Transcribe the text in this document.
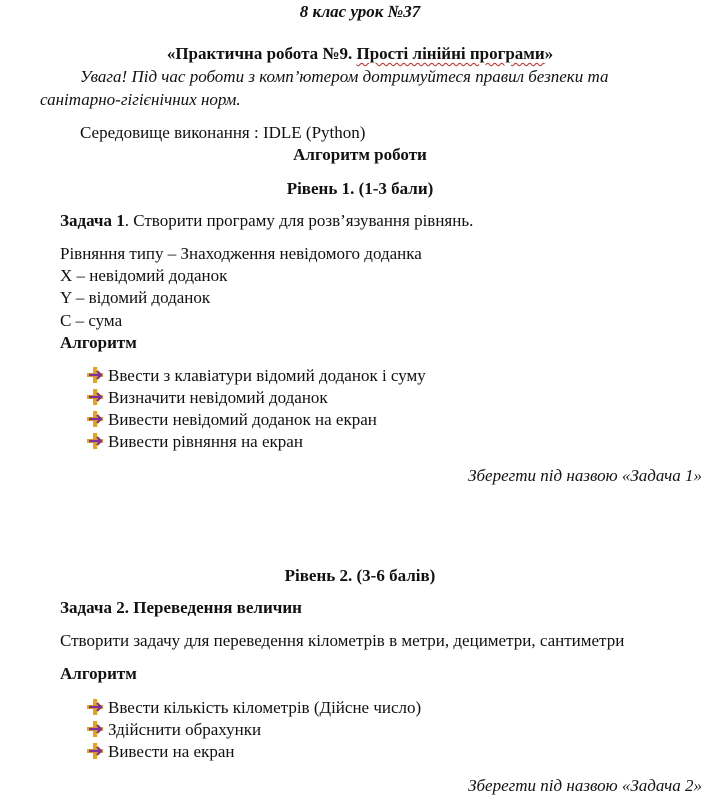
8 клас урок №37
«Практична робота №9. Прості лінійні програми»
Увага! Під час роботи з комп’ютером дотримуйтеся правил безпеки та
санітарно-гігієнічних норм.
Середовище виконання : IDLE (Python)
Алгоритм роботи
Рівень 1. (1-3 бали)
Задача 1. Створити програму для розв’язування рівнянь.
Рівняння типу – Знаходження невідомого доданка
X – невідомий доданок
Y – відомий доданок
C – сума
Алгоритм
Ввести з клавіатури відомий доданок і суму
Визначити невідомий доданок
Вивести невідомий доданок на екран
Вивести рівняння на екран
Зберегти під назвою «Задача 1»
Рівень 2. (3-6 балів)
Задача 2. Переведення величин
Створити задачу для переведення кілометрів в метри, дециметри, сантиметри
Алгоритм
Ввести кількість кілометрів (Дійсне число)
Здійснити обрахунки
Вивести на екран
Зберегти під назвою «Задача 2»
